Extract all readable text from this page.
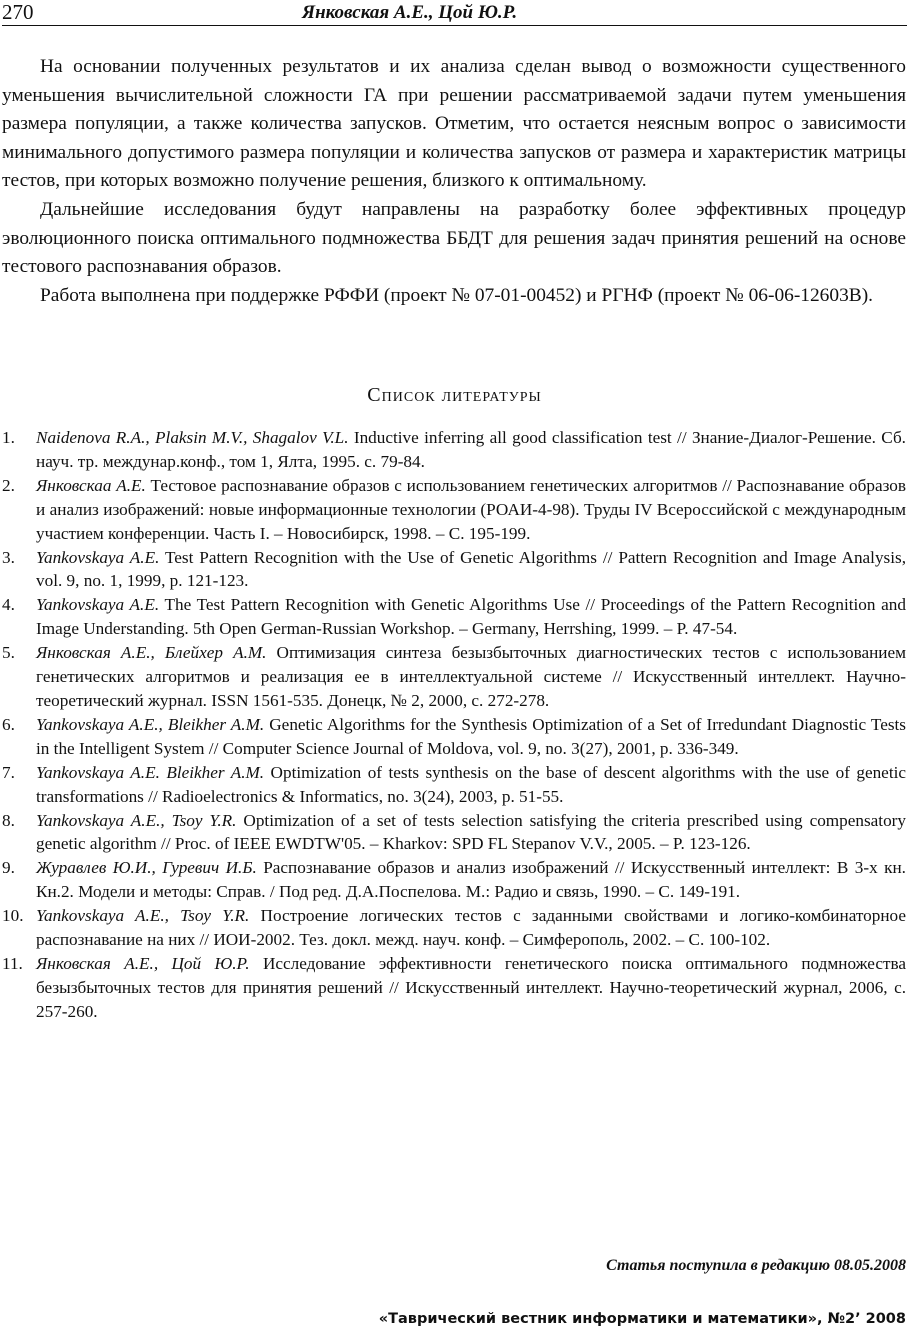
270	Янковская А.Е., Цой Ю.Р.

На основании полученных результатов и их анализа сделан вывод о возможности существенного уменьшения вычислительной сложности ГА при решении рассматриваемой задачи путем уменьшения размера популяции, а также количества запусков. Отметим, что остается неясным вопрос о зависимости минимального допустимого размера популяции и количества запусков от размера и характеристик матрицы тестов, при которых возможно получение решения, близкого к оптимальному.

Дальнейшие исследования будут направлены на разработку более эффективных процедур эволюционного поиска оптимального подмножества ББДТ для решения задач принятия решений на основе тестового распознавания образов.

Работа выполнена при поддержке РФФИ (проект № 07-01-00452) и РГНФ (проект № 06-06-12603В).

Список литературы
1. Naidenova R.A., Plaksin M.V., Shagalov V.L. Inductive inferring all good classification test // Знание-Диалог-Решение. Сб. науч. тр. междунар.конф., том 1, Ялта, 1995. с. 79-84.
2. Янковскаа А.Е. Тестовое распознавание образов с использованием генетических алгоритмов // Распознавание образов и анализ изображений: новые информационные технологии (РОАИ-4-98). Труды IV Всероссийской с международным участием конференции. Часть I. – Новосибирск, 1998. – С. 195-199.
3. Yankovskaya A.E. Test Pattern Recognition with the Use of Genetic Algorithms // Pattern Recognition and Image Analysis, vol. 9, no. 1, 1999, p. 121-123.
4. Yankovskaya A.E. The Test Pattern Recognition with Genetic Algorithms Use // Proceedings of the Pattern Recognition and Image Understanding. 5th Open German-Russian Workshop. – Germany, Herrshing, 1999. – P. 47-54.
5. Янковская А.Е., Блейхер А.М. Оптимизация синтеза безызбыточных диагностических тестов с использованием генетических алгоритмов и реализация ее в интеллектуальной системе // Искусственный интеллект. Научно-теоретический журнал. ISSN 1561-535. Донецк, № 2, 2000, с. 272-278.
6. Yankovskaya A.E., Bleikher A.M. Genetic Algorithms for the Synthesis Optimization of a Set of Irredundant Diagnostic Tests in the Intelligent System // Computer Science Journal of Moldova, vol. 9, no. 3(27), 2001, p. 336-349.
7. Yankovskaya A.E. Bleikher A.M. Optimization of tests synthesis on the base of descent algorithms with the use of genetic transformations // Radioelectronics & Informatics, no. 3(24), 2003, p. 51-55.
8. Yankovskaya A.E., Tsoy Y.R. Optimization of a set of tests selection satisfying the criteria prescribed using compensatory genetic algorithm // Proc. of IEEE EWDTW'05. – Kharkov: SPD FL Stepanov V.V., 2005. – P. 123-126.
9. Журавлев Ю.И., Гуревич И.Б. Распознавание образов и анализ изображений // Искусственный интеллект: В 3-х кн. Кн.2. Модели и методы: Справ. / Под ред. Д.А.Поспелова. М.: Радио и связь, 1990. – С. 149-191.
10. Yankovskaya A.E., Tsoy Y.R. Построение логических тестов с заданными свойствами и логико-комбинаторное распознавание на них // ИОИ-2002. Тез. докл. межд. науч. конф. – Симферополь, 2002. – С. 100-102.
11. Янковская А.Е., Цой Ю.Р. Исследование эффективности генетического поиска оптимального подмножества безызбыточных тестов для принятия решений // Искусственный интеллект. Научно-теоретический журнал, 2006, с. 257-260.
Статья поступила в редакцию 08.05.2008
«Таврический вестник информатики и математики», №2’ 2008
